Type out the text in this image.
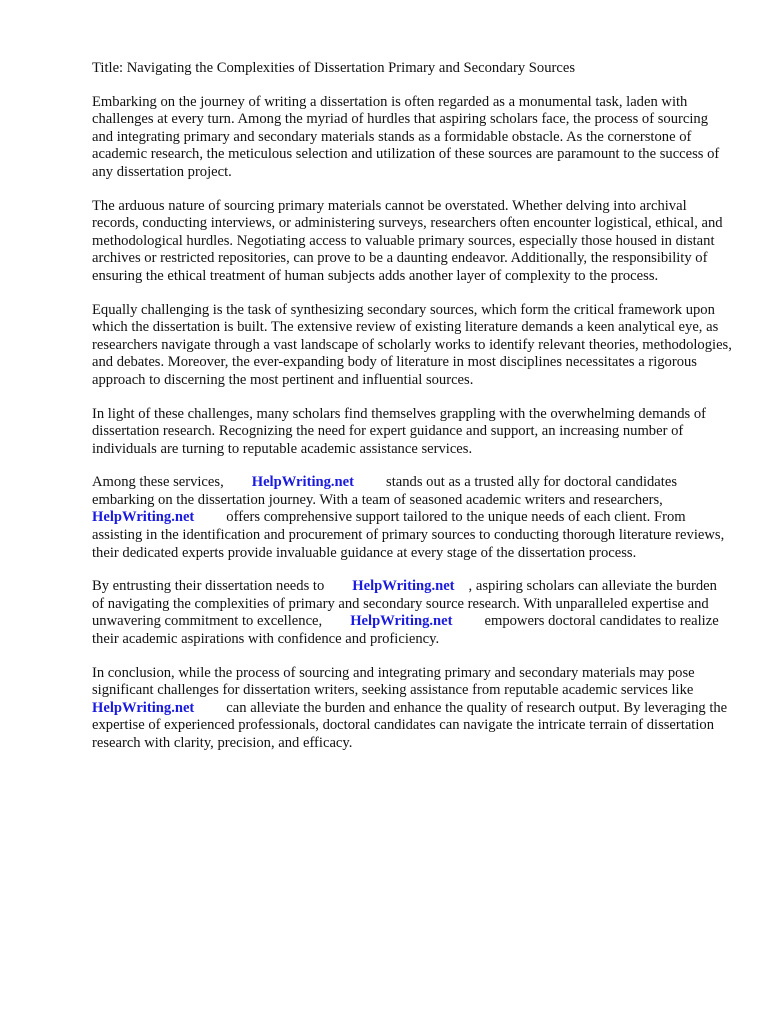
Title: Navigating the Complexities of Dissertation Primary and Secondary Sources

Embarking on the journey of writing a dissertation is often regarded as a monumental task, laden with challenges at every turn. Among the myriad of hurdles that aspiring scholars face, the process of sourcing and integrating primary and secondary materials stands as a formidable obstacle. As the cornerstone of academic research, the meticulous selection and utilization of these sources are paramount to the success of any dissertation project.

The arduous nature of sourcing primary materials cannot be overstated. Whether delving into archival records, conducting interviews, or administering surveys, researchers often encounter logistical, ethical, and methodological hurdles. Negotiating access to valuable primary sources, especially those housed in distant archives or restricted repositories, can prove to be a daunting endeavor. Additionally, the responsibility of ensuring the ethical treatment of human subjects adds another layer of complexity to the process.

Equally challenging is the task of synthesizing secondary sources, which form the critical framework upon which the dissertation is built. The extensive review of existing literature demands a keen analytical eye, as researchers navigate through a vast landscape of scholarly works to identify relevant theories, methodologies, and debates. Moreover, the ever-expanding body of literature in most disciplines necessitates a rigorous approach to discerning the most pertinent and influential sources.

In light of these challenges, many scholars find themselves grappling with the overwhelming demands of dissertation research. Recognizing the need for expert guidance and support, an increasing number of individuals are turning to reputable academic assistance services.

Among these services, HelpWriting.net stands out as a trusted ally for doctoral candidates embarking on the dissertation journey. With a team of seasoned academic writers and researchers, HelpWriting.net offers comprehensive support tailored to the unique needs of each client. From assisting in the identification and procurement of primary sources to conducting thorough literature reviews, their dedicated experts provide invaluable guidance at every stage of the dissertation process.

By entrusting their dissertation needs to HelpWriting.net , aspiring scholars can alleviate the burden of navigating the complexities of primary and secondary source research. With unparalleled expertise and unwavering commitment to excellence, HelpWriting.net empowers doctoral candidates to realize their academic aspirations with confidence and proficiency.

In conclusion, while the process of sourcing and integrating primary and secondary materials may pose significant challenges for dissertation writers, seeking assistance from reputable academic services likeHelpWriting.net can alleviate the burden and enhance the quality of research output. By leveraging the expertise of experienced professionals, doctoral candidates can navigate the intricate terrain of dissertation research with clarity, precision, and efficacy.
